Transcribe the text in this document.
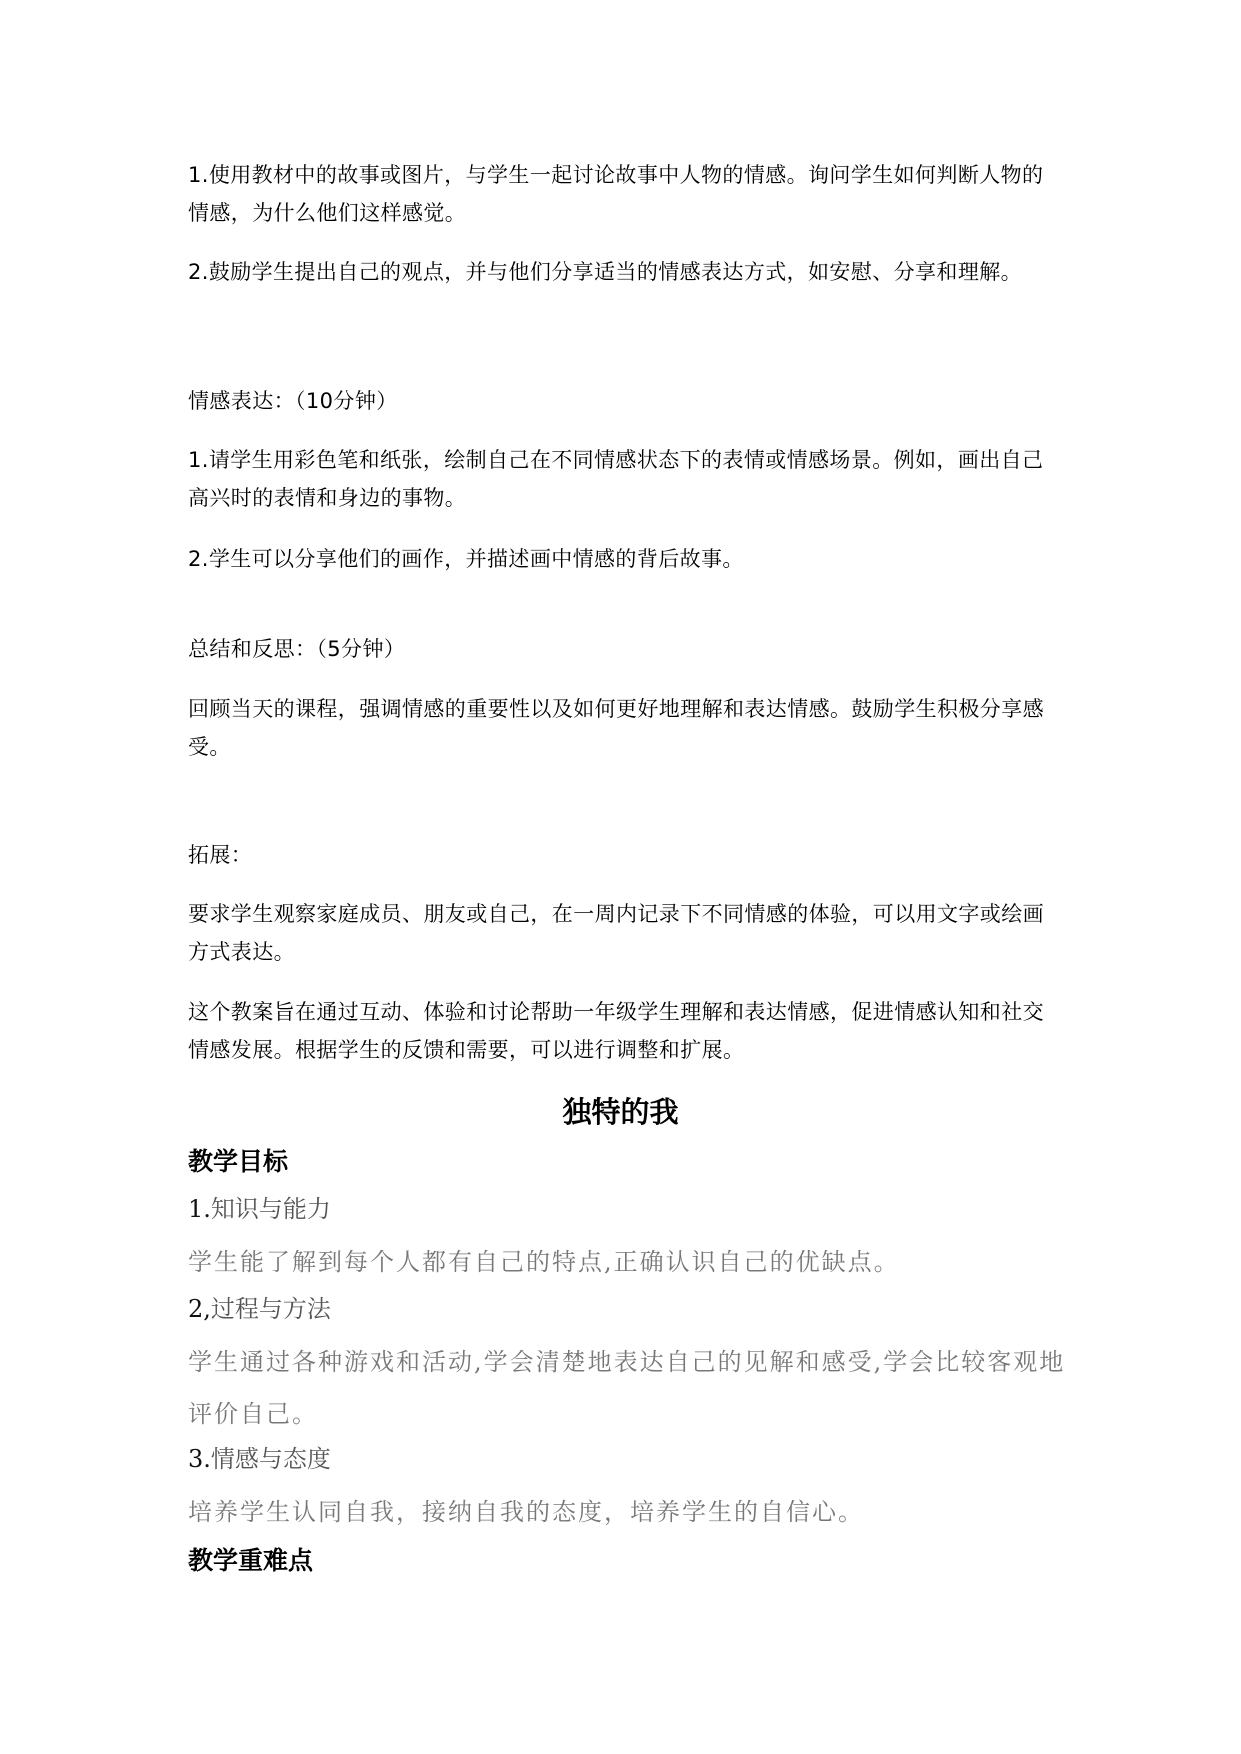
1.使用教材中的故事或图片，与学生一起讨论故事中人物的情感。询问学生如何判断人物的情感，为什么他们这样感觉。

2.鼓励学生提出自己的观点，并与他们分享适当的情感表达方式，如安慰、分享和理解。

情感表达：（10分钟）

1.请学生用彩色笔和纸张，绘制自己在不同情感状态下的表情或情感场景。例如，画出自己高兴时的表情和身边的事物。

2.学生可以分享他们的画作，并描述画中情感的背后故事。

总结和反思：（5分钟）

回顾当天的课程，强调情感的重要性以及如何更好地理解和表达情感。鼓励学生积极分享感受。

拓展：

要求学生观察家庭成员、朋友或自己，在一周内记录下不同情感的体验，可以用文字或绘画方式表达。

这个教案旨在通过互动、体验和讨论帮助一年级学生理解和表达情感，促进情感认知和社交情感发展。根据学生的反馈和需要，可以进行调整和扩展。

独特的我
教学目标

1.知识与能力

学生能了解到每个人都有自己的特点,正确认识自己的优缺点。

2,过程与方法

学生通过各种游戏和活动,学会清楚地表达自己的见解和感受,学会比较客观地评价自己。

3.情感与态度

培养学生认同自我，接纳自我的态度，培养学生的自信心。

教学重难点
